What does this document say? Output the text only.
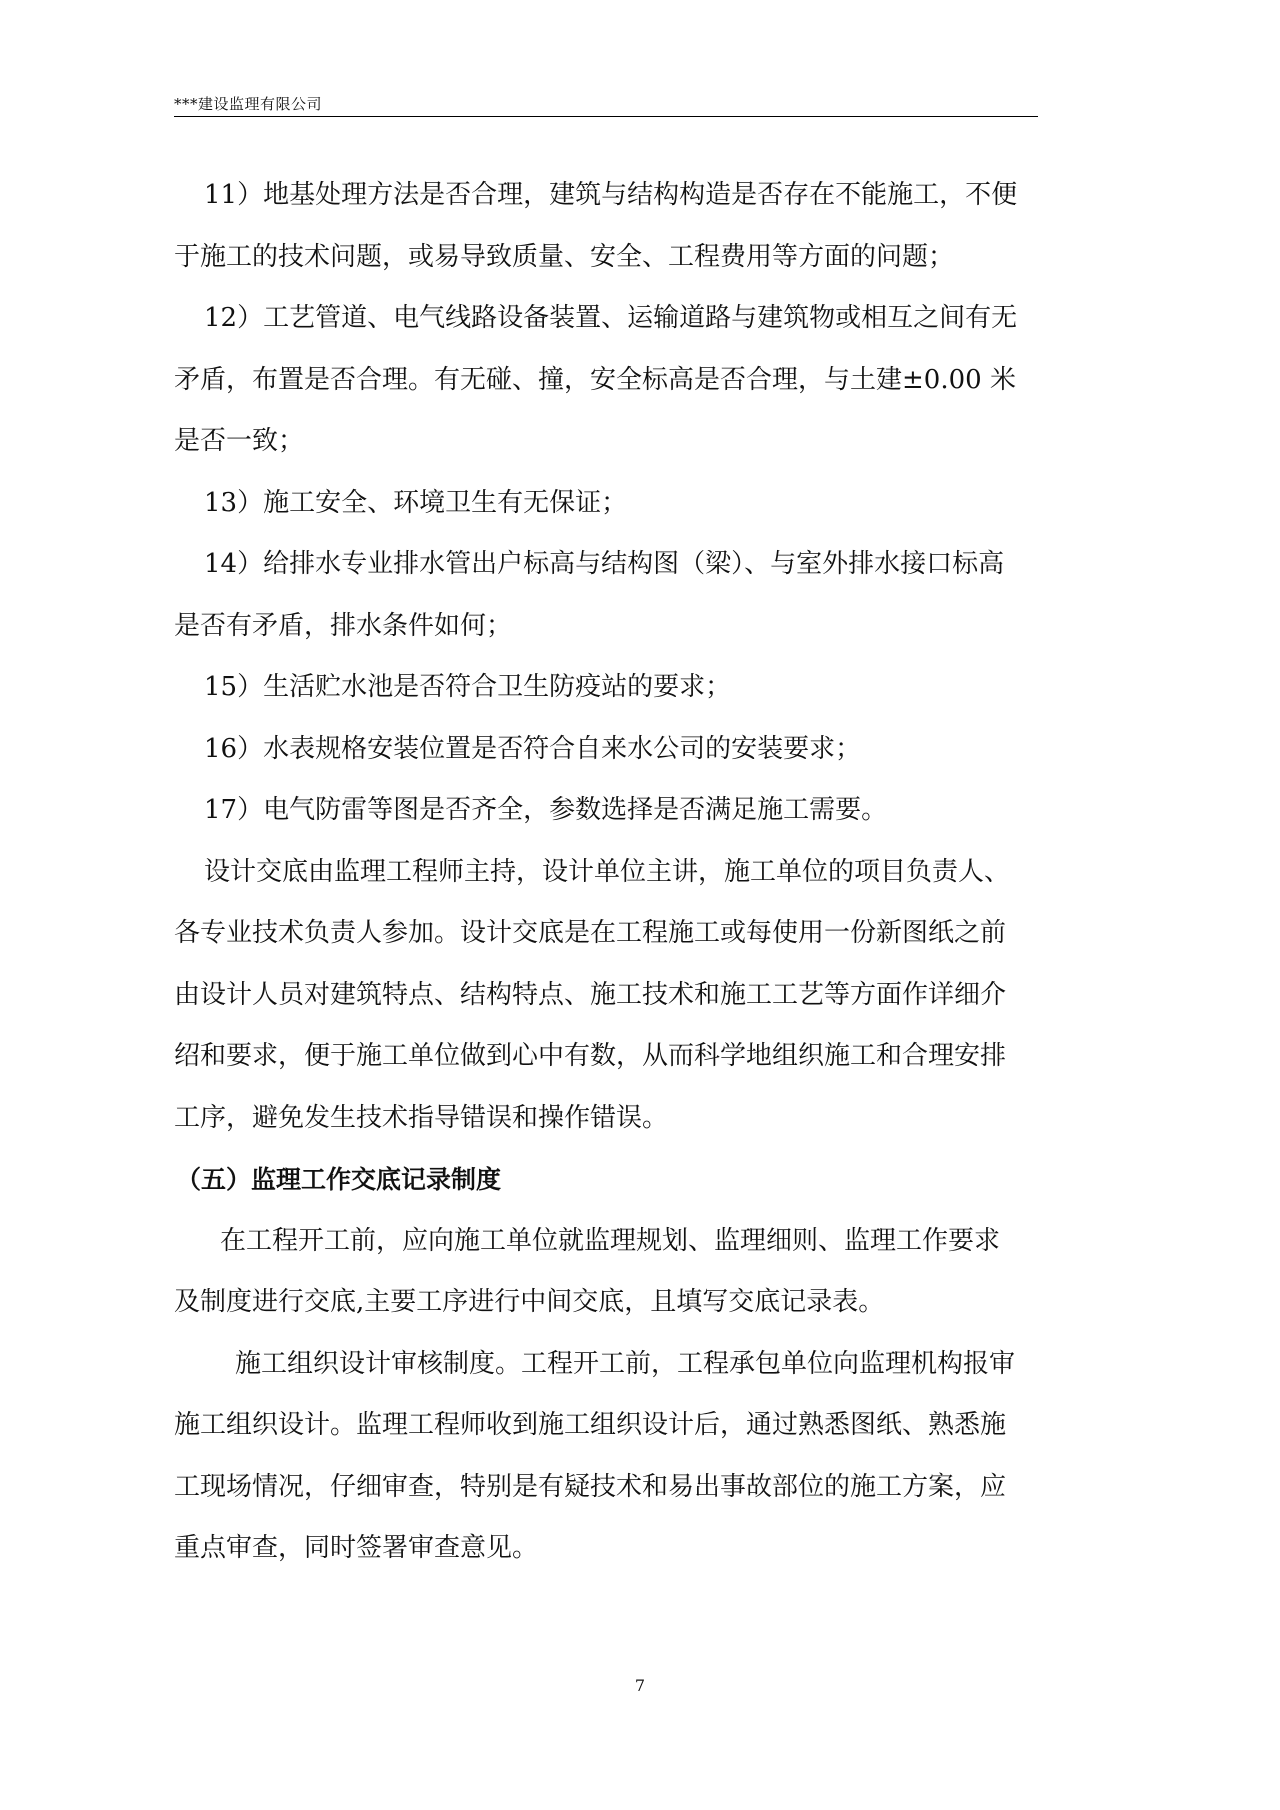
***建设监理有限公司

11）地基处理方法是否合理，建筑与结构构造是否存在不能施工，不便

于施工的技术问题，或易导致质量、安全、工程费用等方面的问题；

12）工艺管道、电气线路设备装置、运输道路与建筑物或相互之间有无

矛盾，布置是否合理。有无碰、撞，安全标高是否合理，与土建±0.00 米

是否一致；

13）施工安全、环境卫生有无保证；

14）给排水专业排水管出户标高与结构图（梁）、与室外排水接口标高

是否有矛盾，排水条件如何；

15）生活贮水池是否符合卫生防疫站的要求；

16）水表规格安装位置是否符合自来水公司的安装要求；

17）电气防雷等图是否齐全，参数选择是否满足施工需要。

设计交底由监理工程师主持，设计单位主讲，施工单位的项目负责人、

各专业技术负责人参加。设计交底是在工程施工或每使用一份新图纸之前

由设计人员对建筑特点、结构特点、施工技术和施工工艺等方面作详细介

绍和要求，便于施工单位做到心中有数，从而科学地组织施工和合理安排

工序，避免发生技术指导错误和操作错误。

（五）监理工作交底记录制度

在工程开工前，应向施工单位就监理规划、监理细则、监理工作要求

及制度进行交底,主要工序进行中间交底，且填写交底记录表。

施工组织设计审核制度。工程开工前，工程承包单位向监理机构报审

施工组织设计。监理工程师收到施工组织设计后，通过熟悉图纸、熟悉施

工现场情况，仔细审查，特别是有疑技术和易出事故部位的施工方案，应

重点审查，同时签署审查意见。

7
